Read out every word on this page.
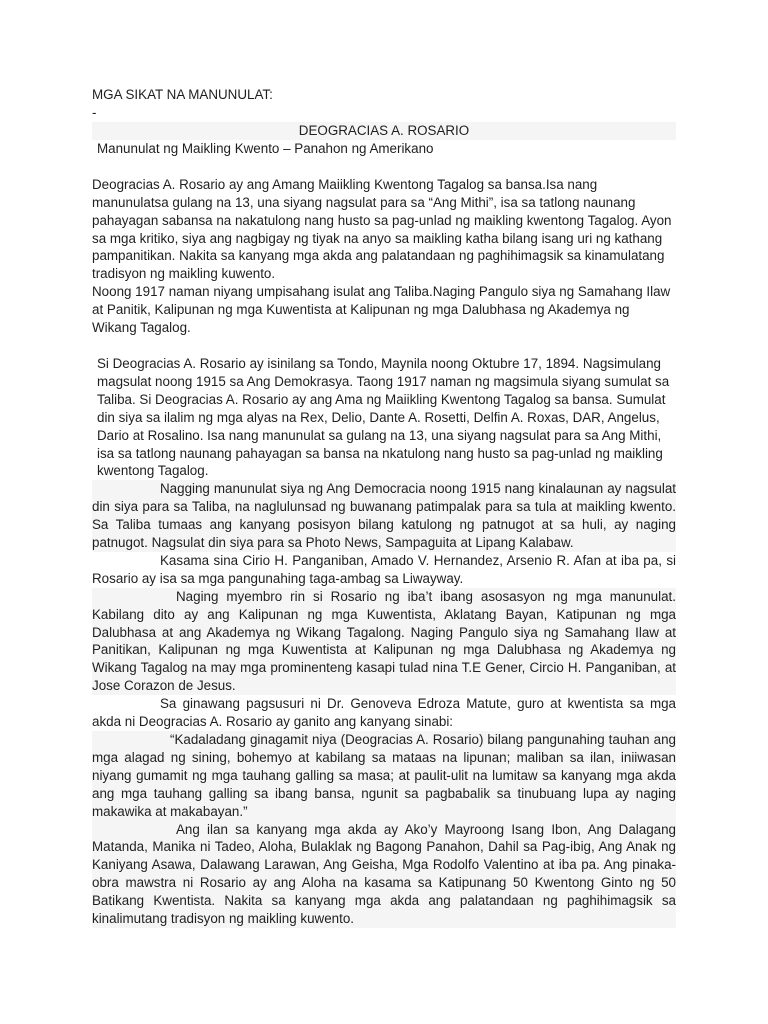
MGA SIKAT NA MANUNULAT:
-
DEOGRACIAS A. ROSARIO
Manunulat ng Maikling Kwento – Panahon ng Amerikano

Deogracias A. Rosario ay ang Amang Maiikling Kwentong Tagalog sa bansa.Isa nang manunulatsa gulang na 13, una siyang nagsulat para sa “Ang Mithi”, isa sa tatlong naunang pahayagan sabansa na nakatulong nang husto sa pag-unlad ng maikling kwentong Tagalog. Ayon sa mga kritiko, siya ang nagbigay ng tiyak na anyo sa maikling katha bilang isang uri ng kathang pampanitikan. Nakita sa kanyang mga akda ang palatandaan ng paghihimagsik sa kinamulatang tradisyon ng maikling kuwento.

Noong 1917 naman niyang umpisahang isulat ang Taliba.Naging Pangulo siya ng Samahang Ilaw at Panitik, Kalipunan ng mga Kuwentista at Kalipunan ng mga Dalubhasa ng Akademya ng Wikang Tagalog.

Si Deogracias A. Rosario ay isinilang sa Tondo, Maynila noong Oktubre 17, 1894. Nagsimulang magsulat noong 1915 sa Ang Demokrasya. Taong 1917 naman ng magsimula siyang sumulat sa Taliba. Si Deogracias A. Rosario ay ang Ama ng Maiikling Kwentong Tagalog sa bansa. Sumulat din siya sa ilalim ng mga alyas na Rex, Delio, Dante A. Rosetti, Delfin A. Roxas, DAR, Angelus, Dario at Rosalino. Isa nang manunulat sa gulang na 13, una siyang nagsulat para sa Ang Mithi, isa sa tatlong naunang pahayagan sa bansa na nkatulong nang husto sa pag-unlad ng maikling kwentong Tagalog.

Nagging manunulat siya ng Ang Democracia noong 1915 nang kinalaunan ay nagsulat din siya para sa Taliba, na naglulunsad ng buwanang patimpalak para sa tula at maikling kwento. Sa Taliba tumaas ang kanyang posisyon bilang katulong ng patnugot at sa huli, ay naging patnugot. Nagsulat din siya para sa Photo News, Sampaguita at Lipang Kalabaw.

Kasama sina Cirio H. Panganiban, Amado V. Hernandez, Arsenio R. Afan at iba pa, si Rosario ay isa sa mga pangunahing taga-ambag sa Liwayway.

Naging myembro rin si Rosario ng iba’t ibang asosasyon ng mga manunulat. Kabilang dito ay ang Kalipunan ng mga Kuwentista, Aklatang Bayan, Katipunan ng mga Dalubhasa at ang Akademya ng Wikang Tagalong. Naging Pangulo siya ng Samahang Ilaw at Panitikan, Kalipunan ng mga Kuwentista at Kalipunan ng mga Dalubhasa ng Akademya ng Wikang Tagalog na may mga prominenteng kasapi tulad nina T.E Gener, Circio H. Panganiban, at Jose Corazon de Jesus.

Sa ginawang pagsusuri ni Dr. Genoveva Edroza Matute, guro at kwentista sa mga akda ni Deogracias A. Rosario ay ganito ang kanyang sinabi:

“Kadaladang ginagamit niya (Deogracias A. Rosario) bilang pangunahing tauhan ang mga alagad ng sining, bohemyo at kabilang sa mataas na lipunan; maliban sa ilan, iniiwasan niyang gumamit ng mga tauhang galling sa masa; at paulit-ulit na lumitaw sa kanyang mga akda ang mga tauhang galling sa ibang bansa, ngunit sa pagbabalik sa tinubuang lupa ay naging makawika at makabayan.”

Ang ilan sa kanyang mga akda ay Ako’y Mayroong Isang Ibon, Ang Dalagang Matanda, Manika ni Tadeo, Aloha, Bulaklak ng Bagong Panahon, Dahil sa Pag-ibig, Ang Anak ng Kaniyang Asawa, Dalawang Larawan, Ang Geisha, Mga Rodolfo Valentino at iba pa. Ang pinaka-obra mawstra ni Rosario ay ang Aloha na kasama sa Katipunang 50 Kwentong Ginto ng 50 Batikang Kwentista. Nakita sa kanyang mga akda ang palatandaan ng paghihimagsik sa kinalimutang tradisyon ng maikling kuwento.
